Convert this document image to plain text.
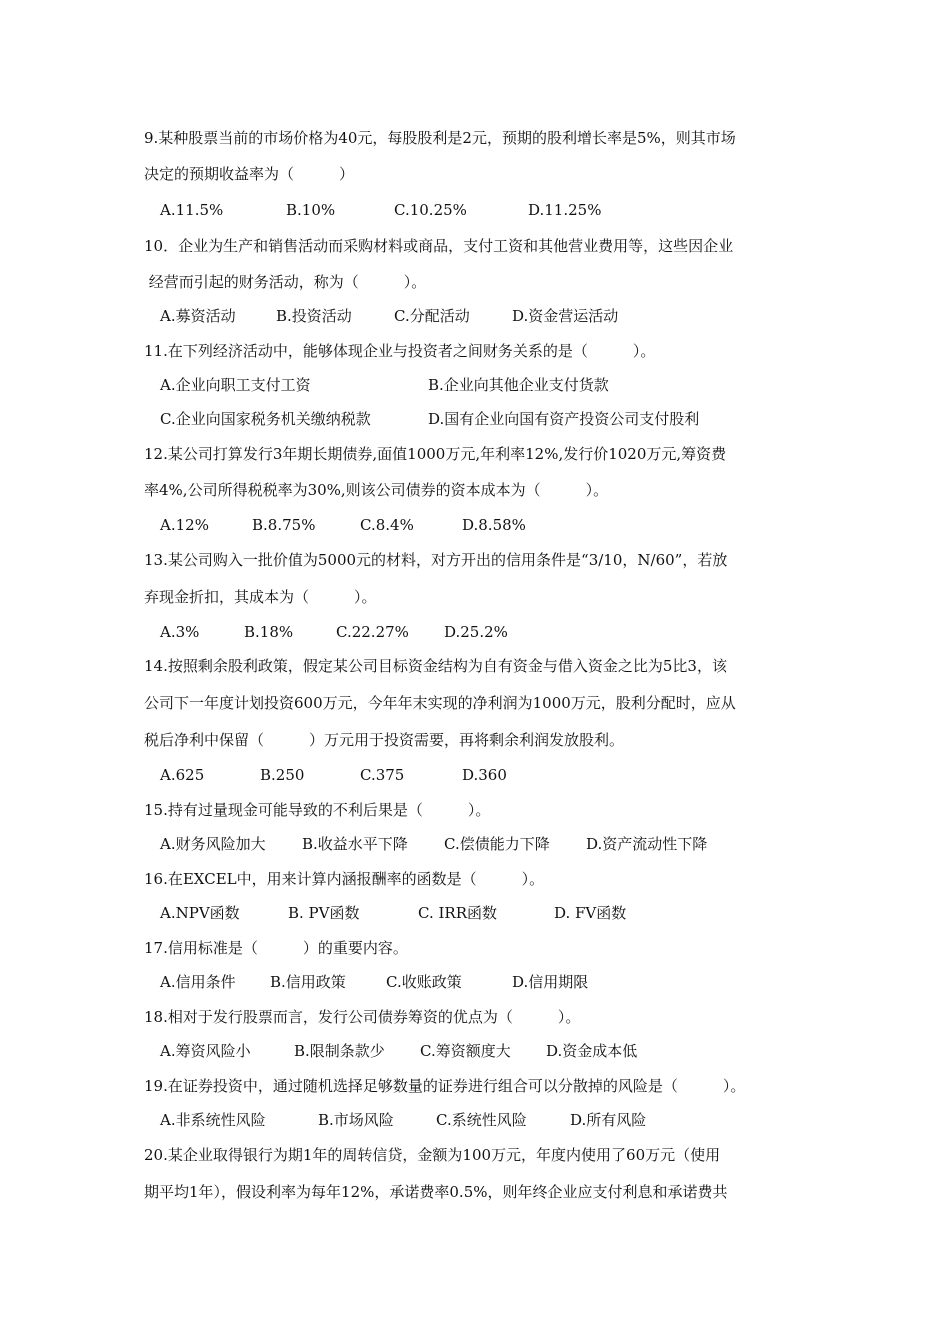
9.某种股票当前的市场价格为40元，每股股利是2元，预期的股利增长率是5%，则其市场
决定的预期收益率为（　　　）
A.11.5%	B.10%	C.10.25%	D.11.25%
10．企业为生产和销售活动而采购材料或商品，支付工资和其他营业费用等，这些因企业
经营而引起的财务活动，称为（　　　）。
A.募资活动	B.投资活动	C.分配活动	D.资金营运活动
11.在下列经济活动中，能够体现企业与投资者之间财务关系的是（　　　）。
A.企业向职工支付工资	B.企业向其他企业支付货款
C.企业向国家税务机关缴纳税款	D.国有企业向国有资产投资公司支付股利
12.某公司打算发行3年期长期债券,面值1000万元,年利率12%,发行价1020万元,筹资费
率4%,公司所得税税率为30%,则该公司债券的资本成本为（　　　）。
A.12%	B.8.75%	C.8.4%	D.8.58%
13.某公司购入一批价值为5000元的材料，对方开出的信用条件是“3/10，N/60”，若放
弃现金折扣，其成本为（　　　）。
A.3%	B.18%	C.22.27% D.25.2%
14.按照剩余股利政策，假定某公司目标资金结构为自有资金与借入资金之比为5比3，该
公司下一年度计划投资600万元，今年年末实现的净利润为1000万元，股利分配时，应从
税后净利中保留（　　　）万元用于投资需要，再将剩余利润发放股利。
A.625	B.250	C.375	D.360
15.持有过量现金可能导致的不利后果是（　　　）。
A.财务风险加大 B.收益水平下降 C.偿债能力下降 D.资产流动性下降
16.在EXCEL中，用来计算内涵报酬率的函数是（　　　）。
A.NPV函数	B. PV函数	C. IRR函数	D. FV函数
17.信用标准是（　　　）的重要内容。
A.信用条件 B.信用政策	C.收账政策	D.信用期限
18.相对于发行股票而言，发行公司债券筹资的优点为（　　　）。
A.筹资风险小	B.限制条款少 C.筹资额度大 D.资金成本低
19.在证券投资中，通过随机选择足够数量的证券进行组合可以分散掉的风险是（　　　）。
A.非系统性风险	B.市场风险	C.系统性风险	D.所有风险
20.某企业取得银行为期1年的周转信贷，金额为100万元，年度内使用了60万元（使用
期平均1年），假设利率为每年12%，承诺费率0.5%，则年终企业应支付利息和承诺费共
